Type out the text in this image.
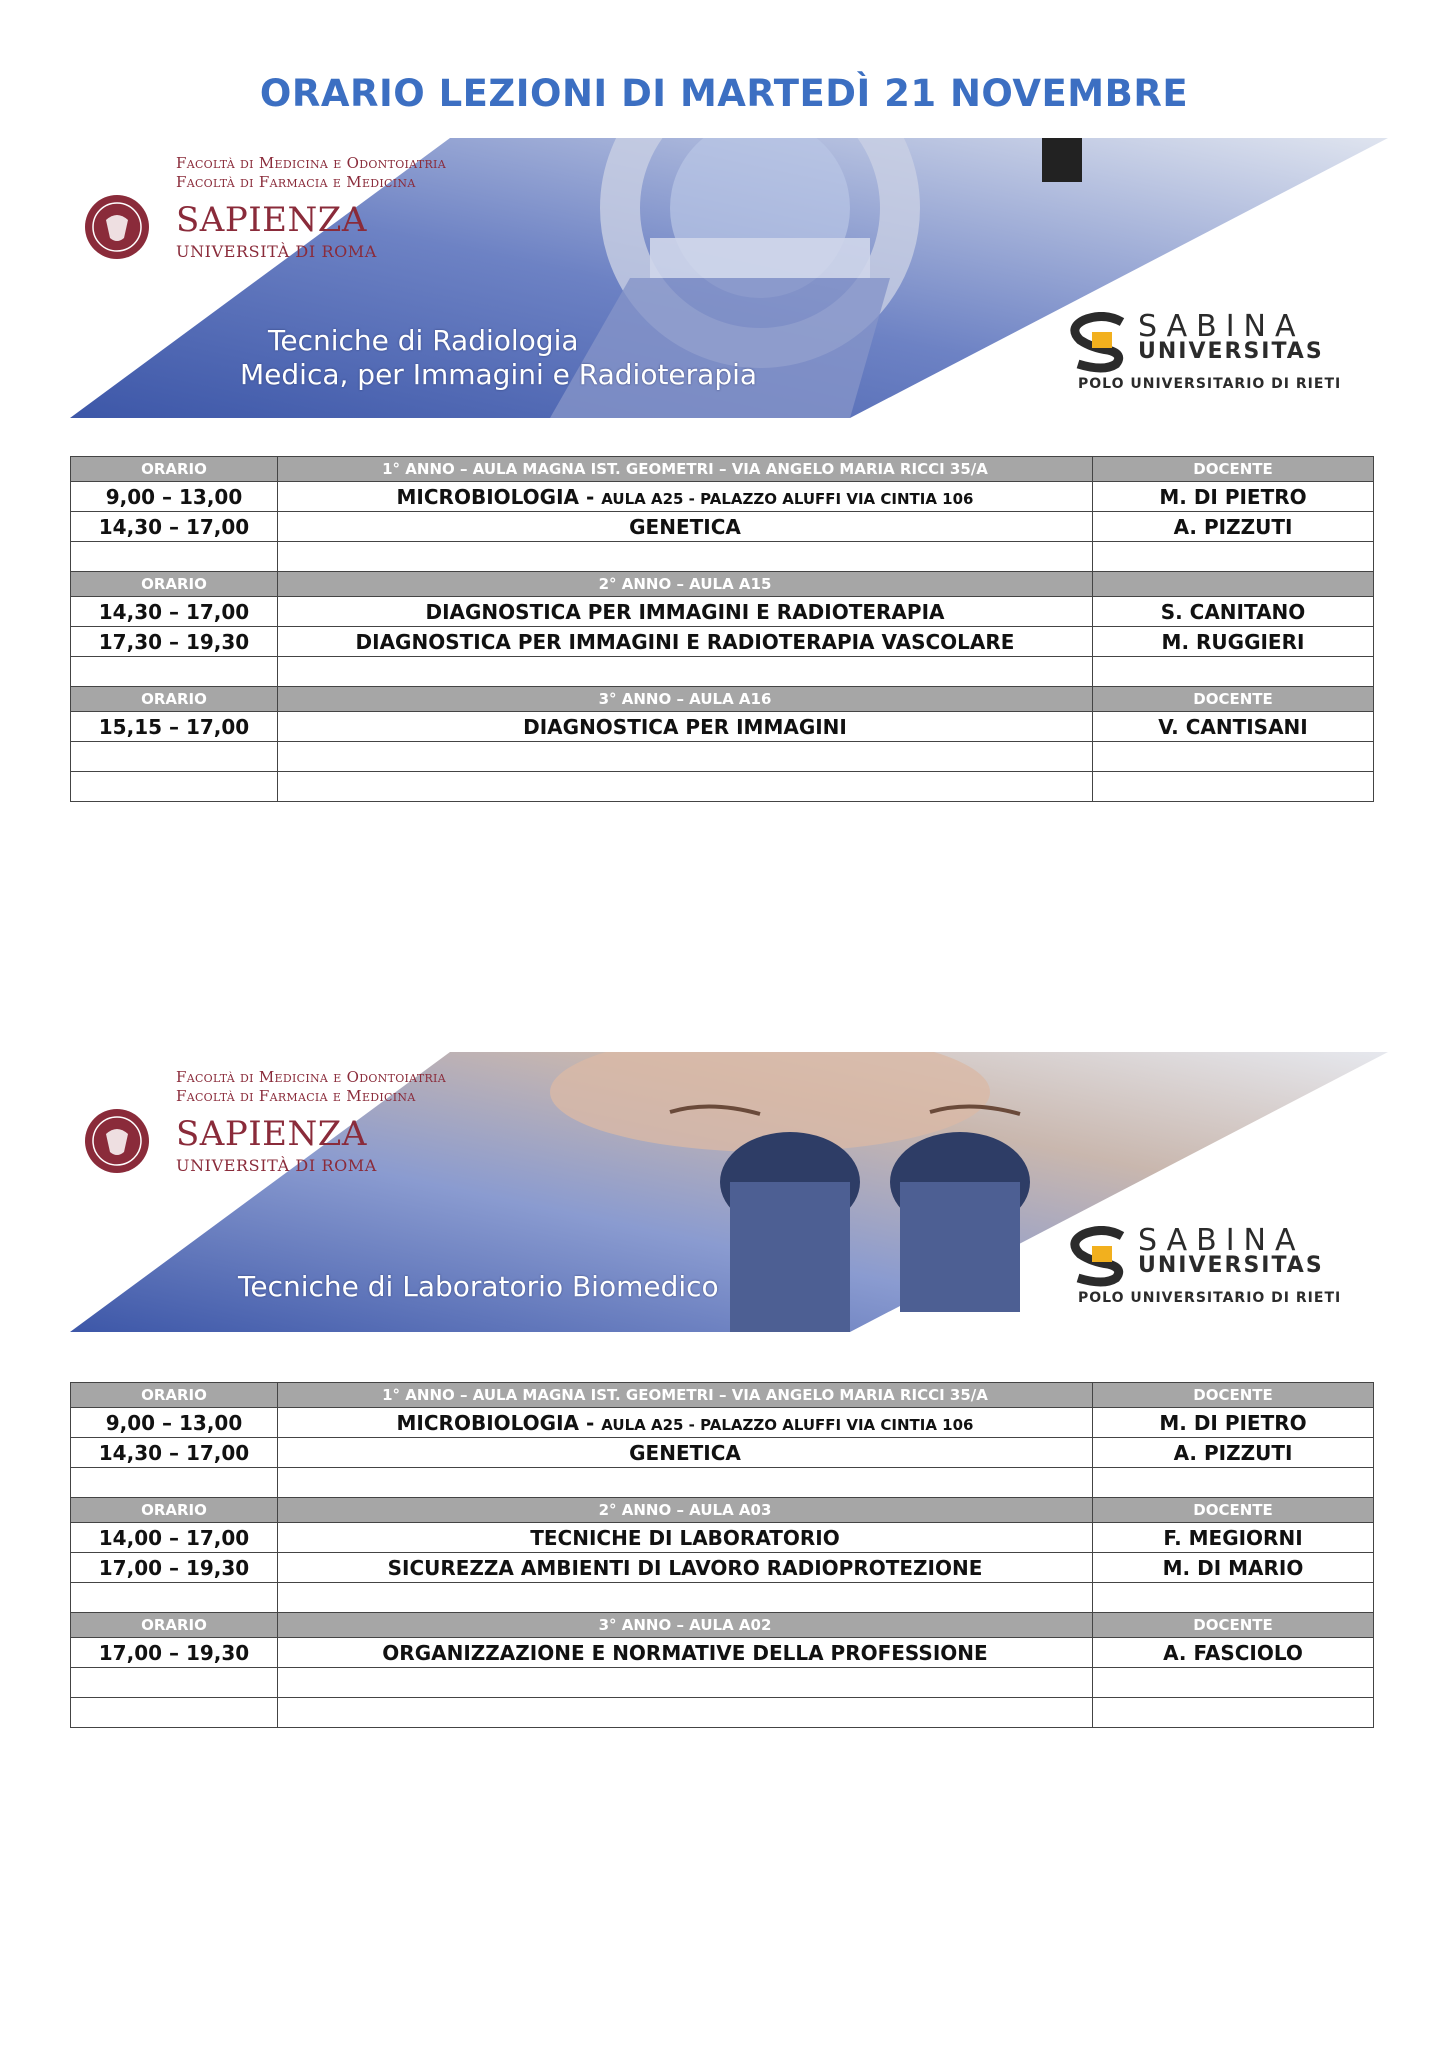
ORARIO LEZIONI DI MARTEDÌ 21 NOVEMBRE
Facoltà di Medicina e Odontoiatria
Facoltà di Farmacia e Medicina
SAPIENZA
UNIVERSITÀ DI ROMA
Tecniche di Radiologia
Medica, per Immagini e Radioterapia
SABINA
UNIVERSITAS
POLO UNIVERSITARIO DI RIETI
ORARIO	1° ANNO – AULA MAGNA IST. GEOMETRI – VIA ANGELO MARIA RICCI 35/A	DOCENTE
9,00 – 13,00	MICROBIOLOGIA - AULA A25 - PALAZZO ALUFFI VIA CINTIA 106	M. DI PIETRO
14,30 – 17,00	GENETICA	A. PIZZUTI

ORARIO	2° ANNO – AULA A15	
14,30 – 17,00	DIAGNOSTICA PER IMMAGINI E RADIOTERAPIA	S. CANITANO
17,30 – 19,30	DIAGNOSTICA PER IMMAGINI E RADIOTERAPIA VASCOLARE	M. RUGGIERI

ORARIO	3° ANNO – AULA A16	DOCENTE
15,15 – 17,00	DIAGNOSTICA PER IMMAGINI	V. CANTISANI

Facoltà di Medicina e Odontoiatria
Facoltà di Farmacia e Medicina
SAPIENZA
UNIVERSITÀ DI ROMA
Tecniche di Laboratorio Biomedico
SABINA
UNIVERSITAS
POLO UNIVERSITARIO DI RIETI
ORARIO	1° ANNO – AULA MAGNA IST. GEOMETRI – VIA ANGELO MARIA RICCI 35/A	DOCENTE
9,00 – 13,00	MICROBIOLOGIA - AULA A25 - PALAZZO ALUFFI VIA CINTIA 106	M. DI PIETRO
14,30 – 17,00	GENETICA	A. PIZZUTI

ORARIO	2° ANNO – AULA A03	DOCENTE
14,00 – 17,00	TECNICHE DI LABORATORIO	F. MEGIORNI
17,00 – 19,30	SICUREZZA AMBIENTI DI LAVORO RADIOPROTEZIONE	M. DI MARIO

ORARIO	3° ANNO – AULA A02	DOCENTE
17,00 – 19,30	ORGANIZZAZIONE E NORMATIVE DELLA PROFESSIONE	A. FASCIOLO
